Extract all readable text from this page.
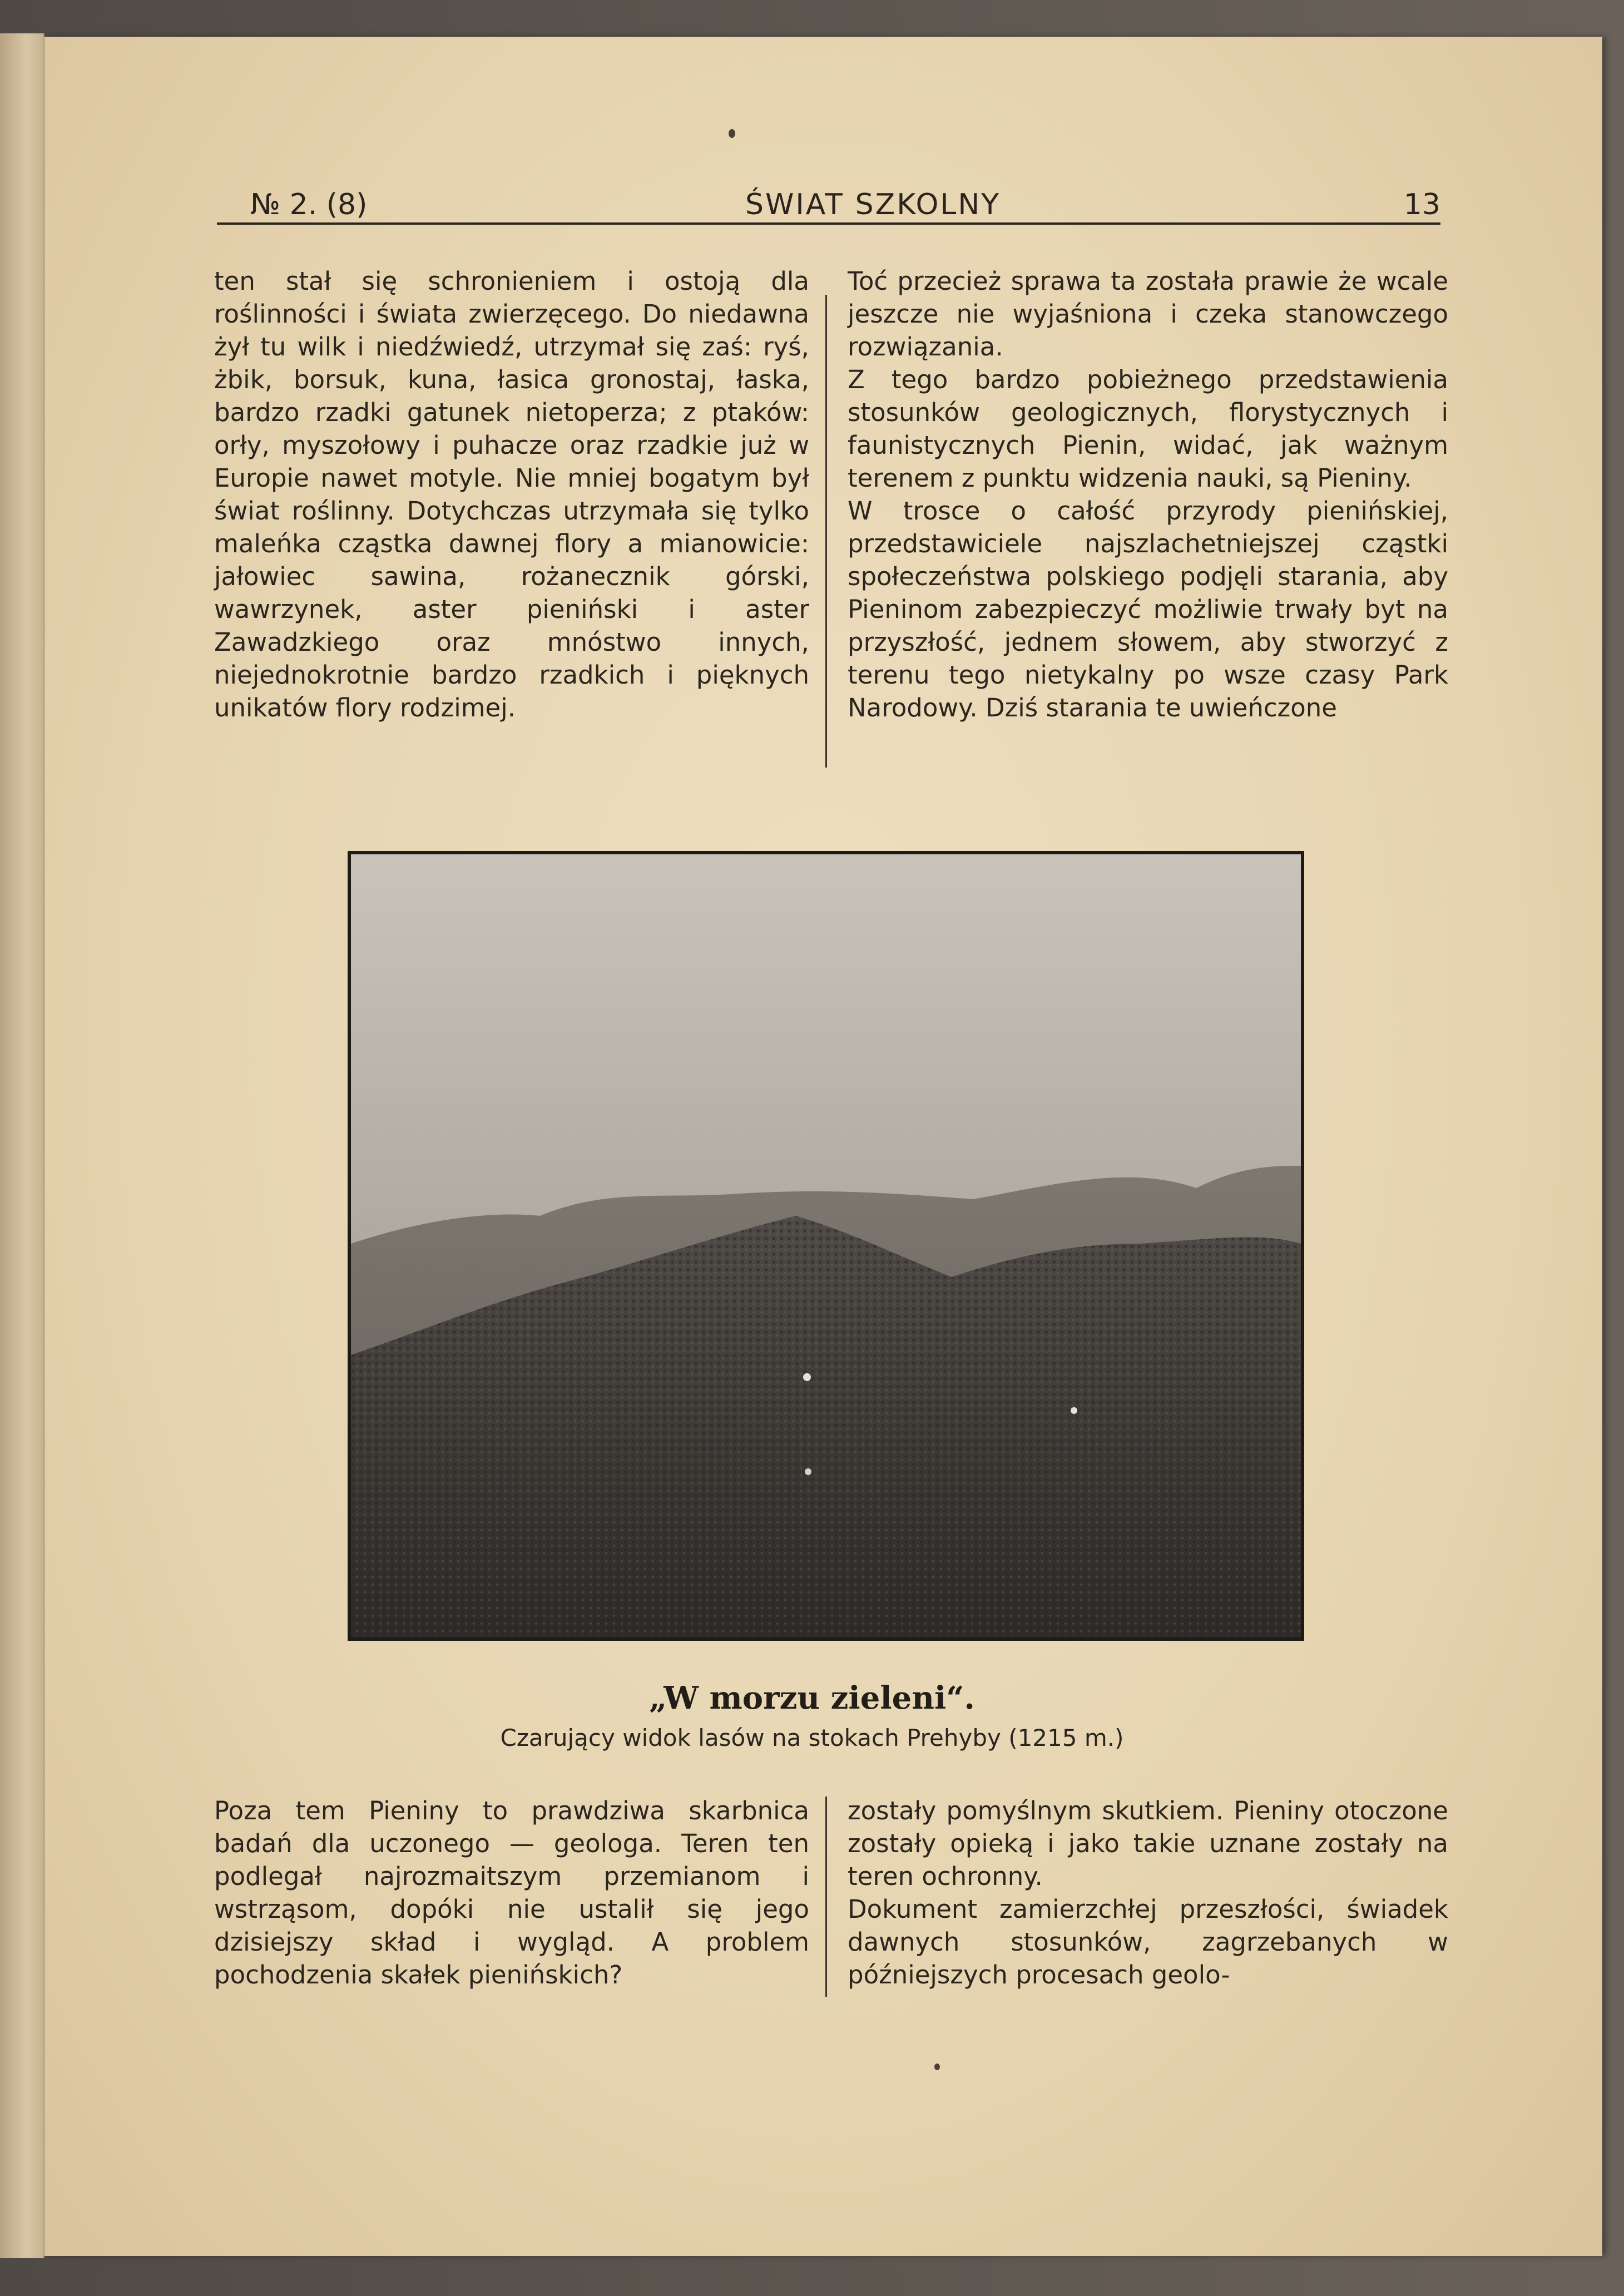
№ 2. (8)	ŚWIAT SZKOLNY	13

ten stał się schronieniem i ostoją dla roślinności i świata zwierzęcego. Do niedawna żył tu wilk i niedźwiedź, utrzymał się zaś: ryś, żbik, borsuk, kuna, łasica gronostaj, łaska, bardzo rzadki gatunek nietoperza; z ptaków: orły, myszołowy i puhacze oraz rzadkie już w Europie nawet motyle. Nie mniej bogatym był świat roślinny. Dotychczas utrzymała się tylko maleńka cząstka dawnej flory a mianowicie: jałowiec sawina, rożanecznik górski, wawrzynek, aster pieniński i aster Zawadzkiego oraz mnóstwo innych, niejednokrotnie bardzo rzadkich i pięknych unikatów flory rodzimej.

Toć przecież sprawa ta została prawie że wcale jeszcze nie wyjaśniona i czeka stanowczego rozwiązania.
Z tego bardzo pobieżnego przedstawienia stosunków geologicznych, florystycznych i faunistycznych Pienin, widać, jak ważnym terenem z punktu widzenia nauki, są Pieniny.
W trosce o całość przyrody pienińskiej, przedstawiciele najszlachetniejszej cząstki społeczeństwa polskiego podjęli starania, aby Pieninom zabezpieczyć możliwie trwały byt na przyszłość, jednem słowem, aby stworzyć z terenu tego nietykalny po wsze czasy Park Narodowy. Dziś starania te uwieńczone

„W morzu zieleni“.
Czarujący widok lasów na stokach Prehyby (1215 m.)

Poza tem Pieniny to prawdziwa skarbnica badań dla uczonego — geologa. Teren ten podlegał najrozmaitszym przemianom i wstrząsom, dopóki nie ustalił się jego dzisiejszy skład i wygląd. A problem pochodzenia skałek pienińskich?

zostały pomyślnym skutkiem. Pieniny otoczone zostały opieką i jako takie uznane zostały na teren ochronny.
Dokument zamierzchłej przeszłości, świadek dawnych stosunków, zagrzebanych w późniejszych procesach geolo-
